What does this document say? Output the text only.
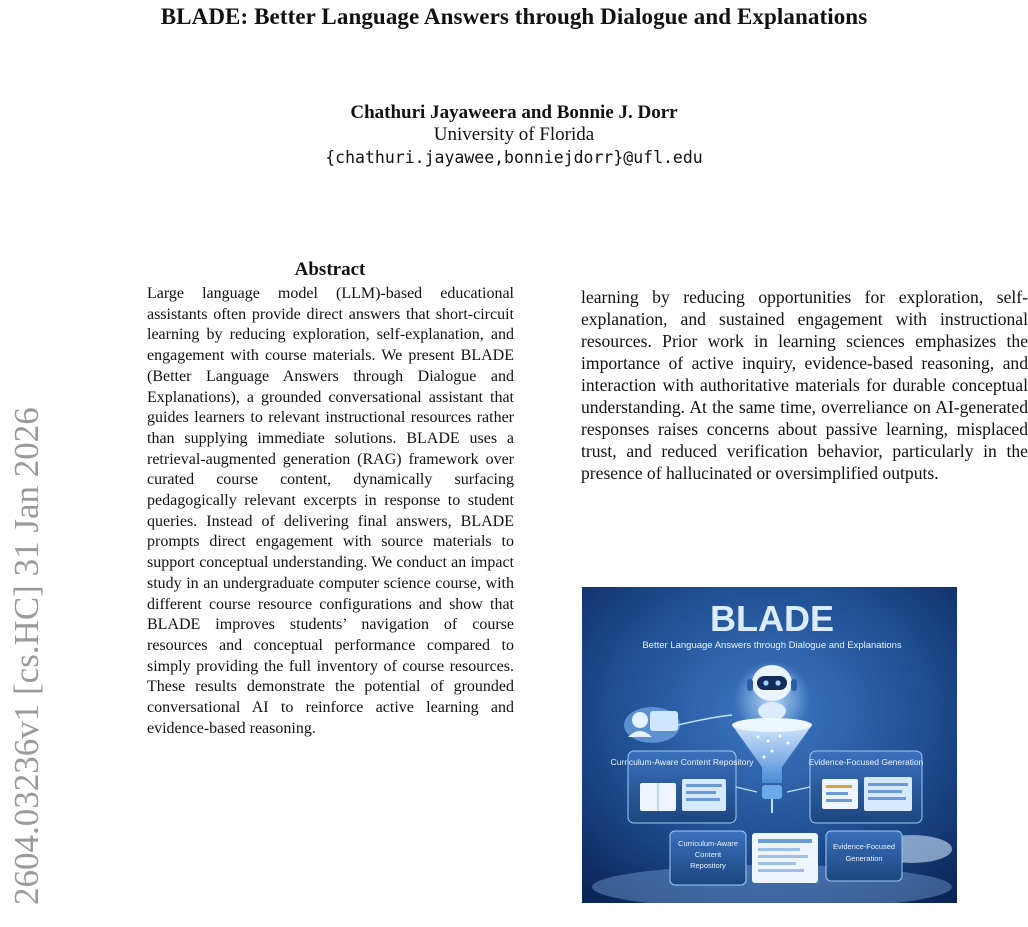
BLADE: Better Language Answers through Dialogue and Explanations
Chathuri Jayaweera and Bonnie J. Dorr
University of Florida
{chathuri.jayawee,bonniejdorr}@ufl.edu
2604.03236v1 [cs.HC] 31 Jan 2026
Abstract
Large language model (LLM)-based educational assistants often provide direct answers that short-circuit learning by reducing exploration, self-explanation, and engagement with course materials. We present BLADE (Better Language Answers through Dialogue and Explanations), a grounded conversational assistant that guides learners to relevant instructional resources rather than supplying immediate solutions. BLADE uses a retrieval-augmented generation (RAG) framework over curated course content, dynamically surfacing pedagogically relevant excerpts in response to student queries. Instead of delivering final answers, BLADE prompts direct engagement with source materials to support conceptual understanding. We conduct an impact study in an undergraduate computer science course, with different course resource configurations and show that BLADE improves students’ navigation of course resources and conceptual performance compared to simply providing the full inventory of course resources. These results demonstrate the potential of grounded conversational AI to reinforce active learning and evidence-based reasoning.
learning by reducing opportunities for exploration, self-explanation, and sustained engagement with instructional resources. Prior work in learning sciences emphasizes the importance of active inquiry, evidence-based reasoning, and interaction with authoritative materials for durable conceptual understanding. At the same time, overreliance on AI-generated responses raises concerns about passive learning, misplaced trust, and reduced verification behavior, particularly in the presence of hallucinated or oversimplified outputs.
BLADE
Better Language Answers through Dialogue and Explanations
Curriculum-Aware Content Repository	Evidence-Focused Generation
Curriculum-Aware
Content
Repository
Evidence-Focused
Generation
